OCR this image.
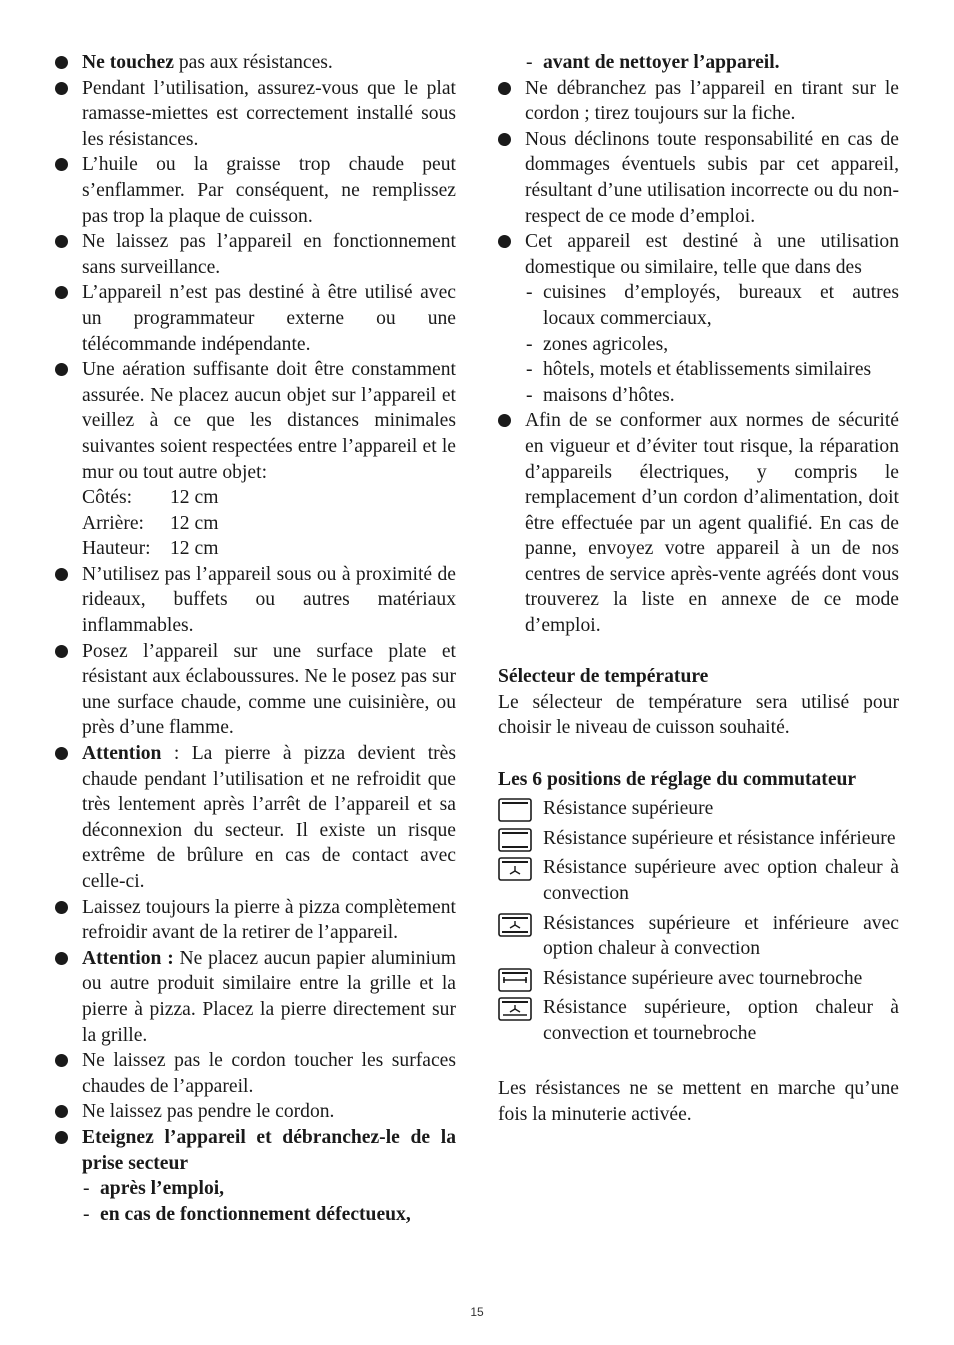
Ne touchez pas aux résistances.

Pendant l’utilisation, assurez-vous que le plat ramasse-miettes est correctement installé sous les résistances.

L’huile ou la graisse trop chaude peut s’enflammer. Par conséquent, ne remplissez pas trop la plaque de cuisson.

Ne laissez pas l’appareil en fonctionnement sans surveillance.

L’appareil n’est pas destiné à être utilisé avec un programmateur externe ou une télécommande indépendante.

Une aération suffisante doit être constamment assurée. Ne placez aucun objet sur l’appareil et veillez à ce que les distances minimales suivantes soient respectées entre l’appareil et le mur ou tout autre objet:

Côtés: 12 cm

Arrière: 12 cm

Hauteur: 12 cm

N’utilisez pas l’appareil sous ou à proximité de rideaux, buffets ou autres matériaux inflammables.

Posez l’appareil sur une surface plate et résistant aux éclaboussures. Ne le posez pas sur une surface chaude, comme une cuisinière, ou près d’une flamme.

Attention : La pierre à pizza devient très chaude pendant l’utilisation et ne refroidit que très lentement après l’arrêt de l’appareil et sa déconnexion du secteur. Il existe un risque extrême de brûlure en cas de contact avec celle-ci.

Laissez toujours la pierre à pizza complètement refroidir avant de la retirer de l’appareil.

Attention : Ne placez aucun papier aluminium ou autre produit similaire entre la grille et la pierre à pizza. Placez la pierre directement sur la grille.

Ne laissez pas le cordon toucher les surfaces chaudes de l’appareil.

Ne laissez pas pendre le cordon.

Eteignez l’appareil et débranchez-le de la prise secteur

- après l’emploi,

- en cas de fonctionnement défectueux,

- avant de nettoyer l’appareil.

Ne débranchez pas l’appareil en tirant sur le cordon ; tirez toujours sur la fiche.

Nous déclinons toute responsabilité en cas de dommages éventuels subis par cet appareil, résultant d’une utilisation incorrecte ou du non-respect de ce mode d’emploi.

Cet appareil est destiné à une utilisation domestique ou similaire, telle que dans des

- cuisines d’employés, bureaux et autres locaux commerciaux,

- zones agricoles,

- hôtels, motels et établissements similaires

- maisons d’hôtes.

Afin de se conformer aux normes de sécurité en vigueur et d’éviter tout risque, la réparation d’appareils électriques, y compris le remplacement d’un cordon d’alimentation, doit être effectuée par un agent qualifié. En cas de panne, envoyez votre appareil à un de nos centres de service après-vente agréés dont vous trouverez la liste en annexe de ce mode d’emploi.

Sélecteur de température

Le sélecteur de température sera utilisé pour choisir le niveau de cuisson souhaité.

Les 6 positions de réglage du commutateur

Résistance supérieure
Résistance supérieure et résistance inférieure
Résistance supérieure avec option chaleur à convection
Résistances supérieure et inférieure avec option chaleur à convection
Résistance supérieure avec tournebroche
Résistance supérieure, option chaleur à convection et tournebroche

Les résistances ne se mettent en marche qu’une fois la minuterie activée.

15
